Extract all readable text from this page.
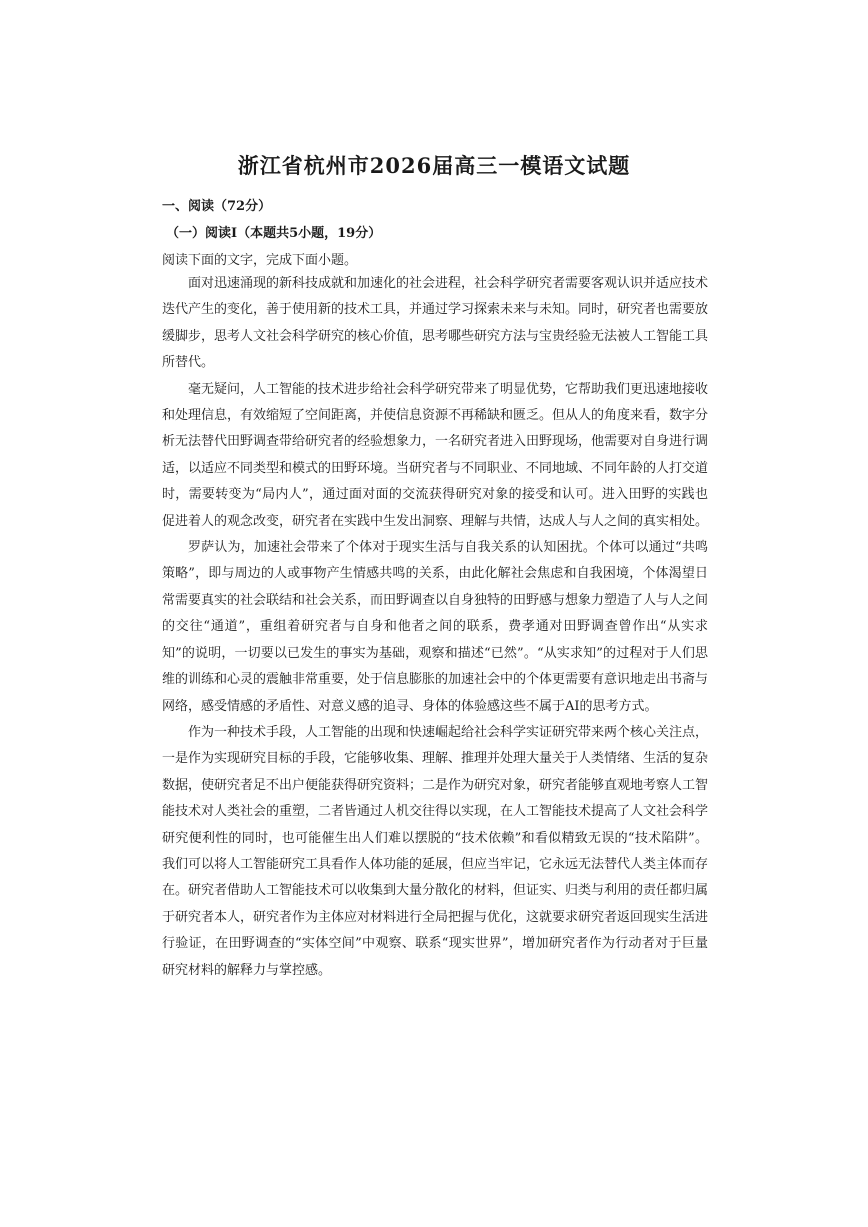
浙江省杭州市2026届高三一模语文试题
一、阅读（72分）
（一）阅读Ⅰ（本题共5小题，19分）
阅读下面的文字，完成下面小题。

面对迅速涌现的新科技成就和加速化的社会进程，社会科学研究者需要客观认识并适应技术迭代产生的变化，善于使用新的技术工具，并通过学习探索未来与未知。同时，研究者也需要放缓脚步，思考人文社会科学研究的核心价值，思考哪些研究方法与宝贵经验无法被人工智能工具所替代。

毫无疑问，人工智能的技术进步给社会科学研究带来了明显优势，它帮助我们更迅速地接收和处理信息，有效缩短了空间距离，并使信息资源不再稀缺和匮乏。但从人的角度来看，数字分析无法替代田野调查带给研究者的经验想象力，一名研究者进入田野现场，他需要对自身进行调适，以适应不同类型和模式的田野环境。当研究者与不同职业、不同地域、不同年龄的人打交道时，需要转变为“局内人”，通过面对面的交流获得研究对象的接受和认可。进入田野的实践也促进着人的观念改变，研究者在实践中生发出洞察、理解与共情，达成人与人之间的真实相处。

罗萨认为，加速社会带来了个体对于现实生活与自我关系的认知困扰。个体可以通过“共鸣策略”，即与周边的人或事物产生情感共鸣的关系，由此化解社会焦虑和自我困境，个体渴望日常需要真实的社会联结和社会关系，而田野调查以自身独特的田野感与想象力塑造了人与人之间的交往“通道”，重组着研究者与自身和他者之间的联系，费孝通对田野调查曾作出“从实求知”的说明，一切要以已发生的事实为基础，观察和描述“已然”。“从实求知”的过程对于人们思维的训练和心灵的震触非常重要，处于信息膨胀的加速社会中的个体更需要有意识地走出书斋与网络，感受情感的矛盾性、对意义感的追寻、身体的体验感这些不属于AI的思考方式。

作为一种技术手段，人工智能的出现和快速崛起给社会科学实证研究带来两个核心关注点，一是作为实现研究目标的手段，它能够收集、理解、推理并处理大量关于人类情绪、生活的复杂数据，使研究者足不出户便能获得研究资料；二是作为研究对象，研究者能够直观地考察人工智能技术对人类社会的重塑，二者皆通过人机交往得以实现，在人工智能技术提高了人文社会科学研究便利性的同时，也可能催生出人们难以摆脱的“技术依赖”和看似精致无误的“技术陷阱”。我们可以将人工智能研究工具看作人体功能的延展，但应当牢记，它永远无法替代人类主体而存在。研究者借助人工智能技术可以收集到大量分散化的材料，但证实、归类与利用的责任都归属于研究者本人，研究者作为主体应对材料进行全局把握与优化，这就要求研究者返回现实生活进行验证，在田野调查的“实体空间”中观察、联系“现实世界”，增加研究者作为行动者对于巨量研究材料的解释力与掌控感。
